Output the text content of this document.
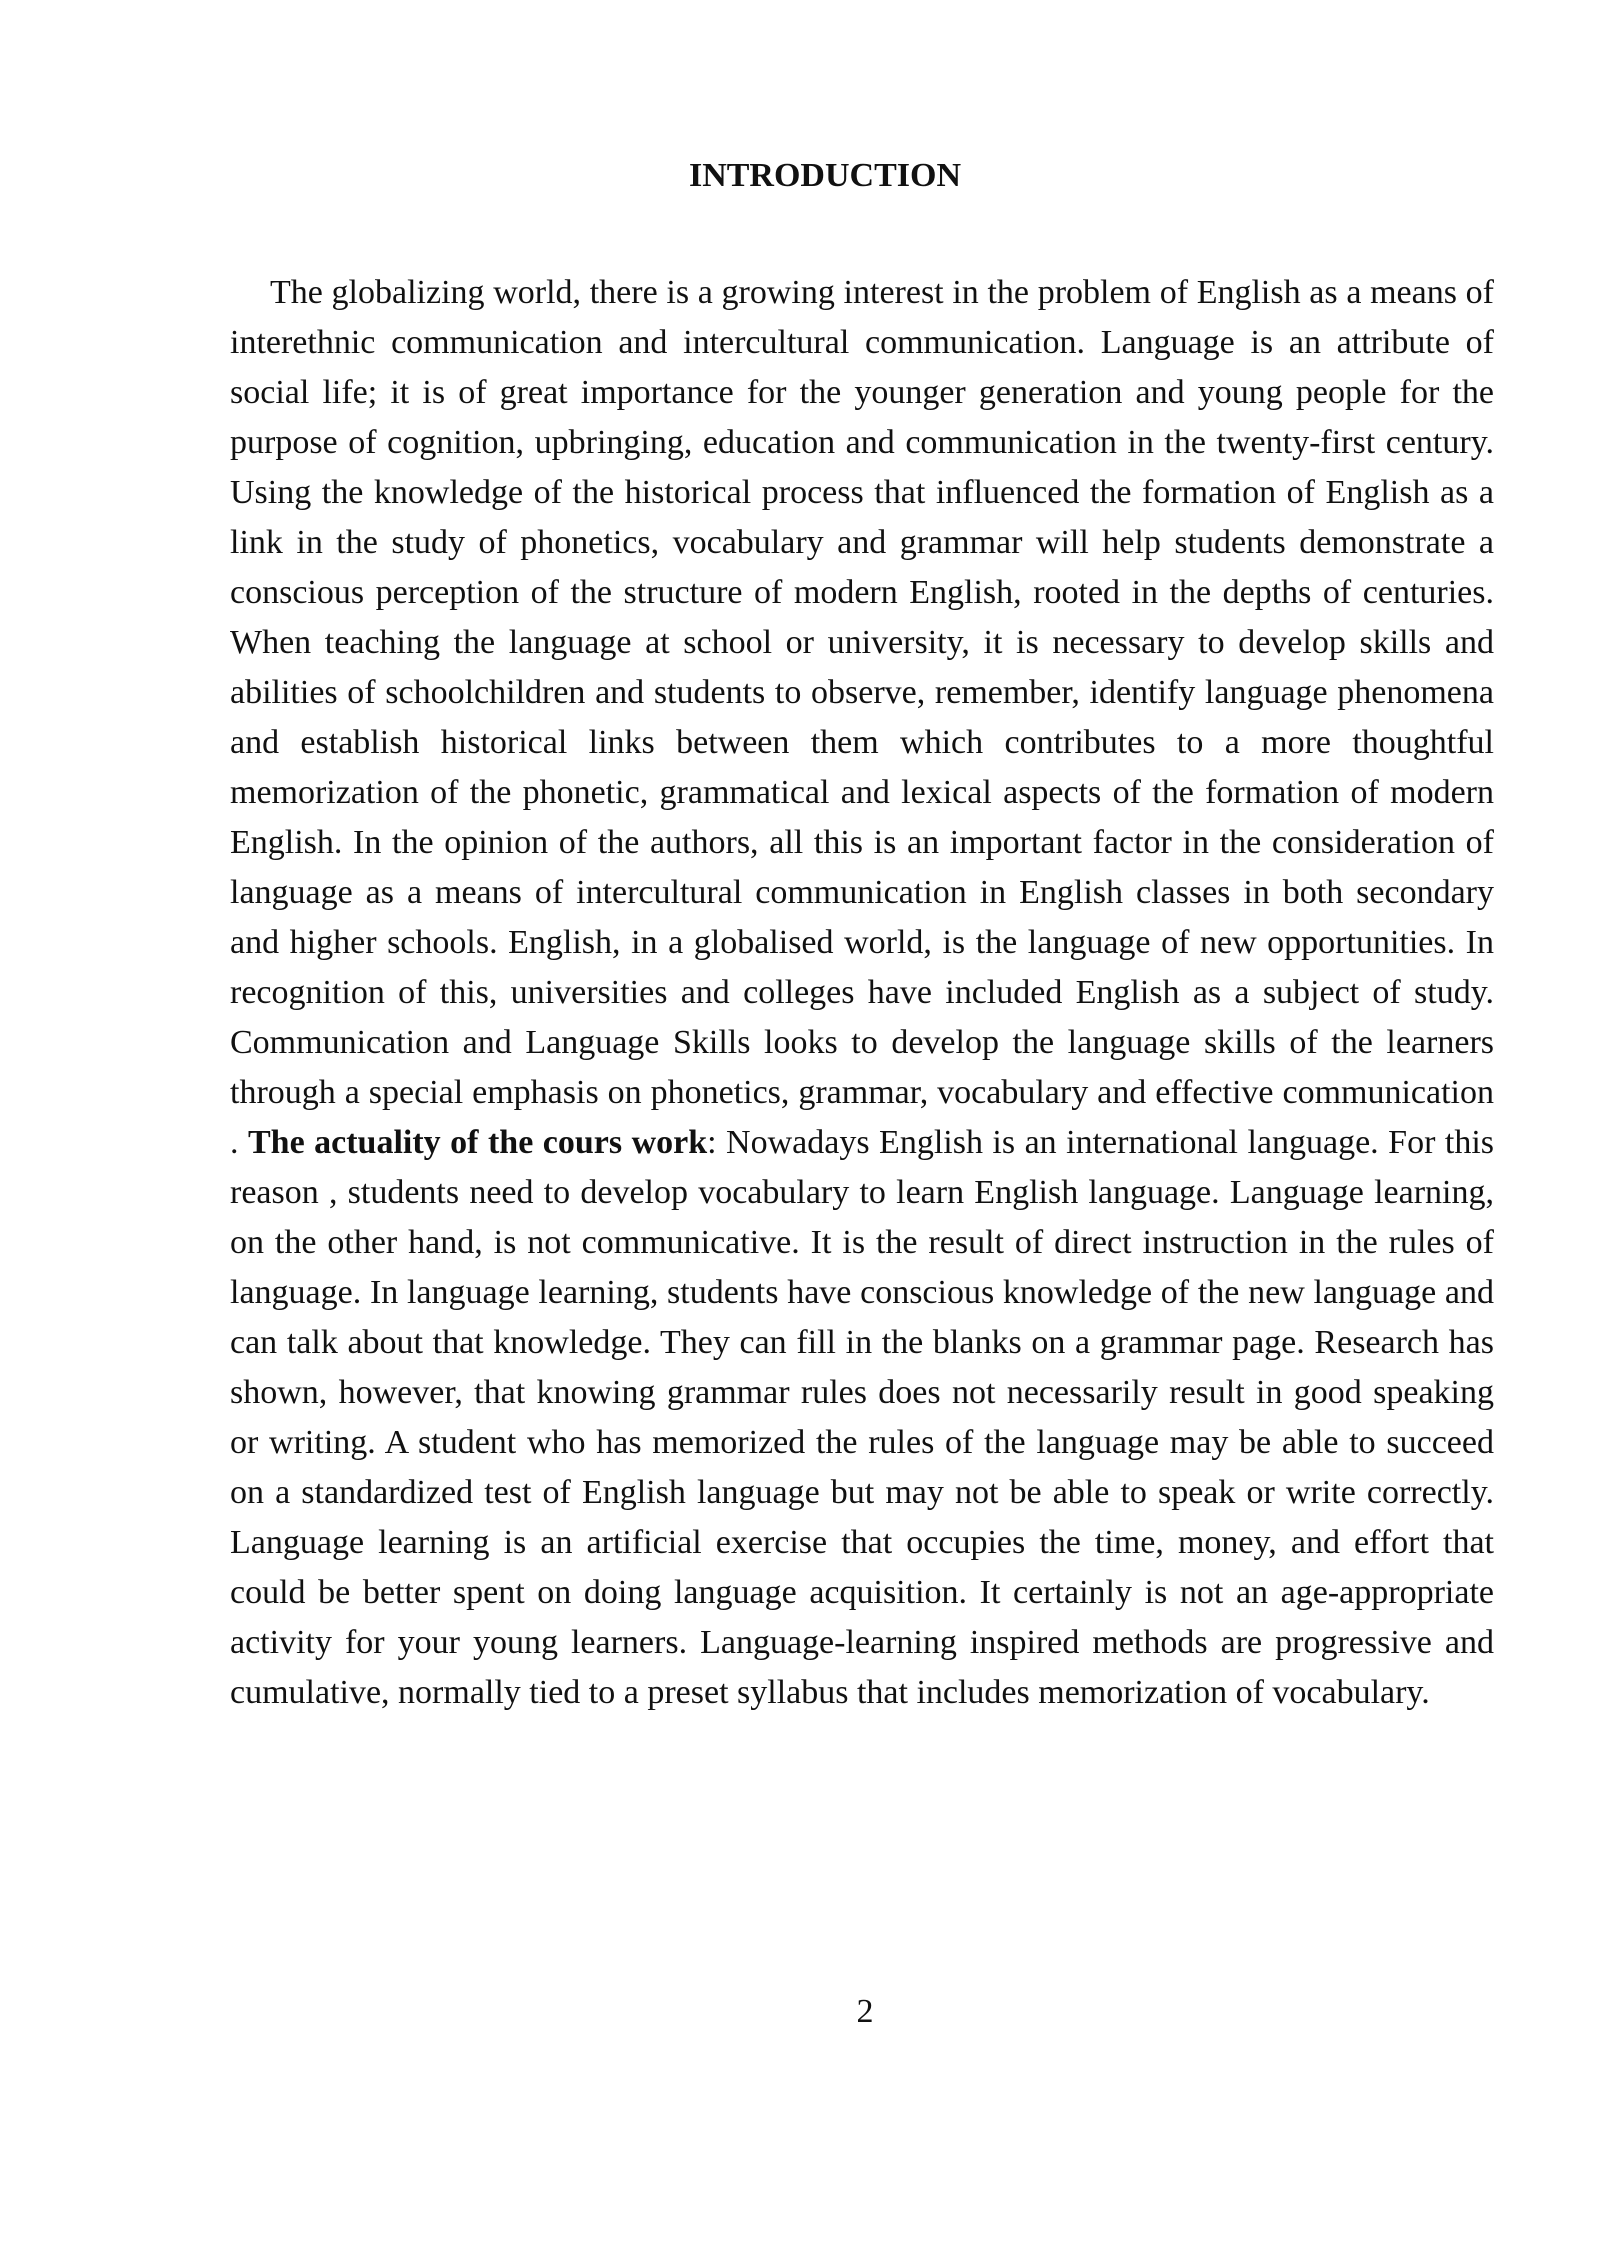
INTRODUCTION

The globalizing world, there is a growing interest in the problem of English as a means of interethnic communication and intercultural communication. Language is an attribute of social life; it is of great importance for the younger generation and young people for the purpose of cognition, upbringing, education and communication in the twenty-first century. Using the knowledge of the historical process that influenced the formation of English as a link in the study of phonetics, vocabulary and grammar will help students demonstrate a conscious perception of the structure of modern English, rooted in the depths of centuries. When teaching the language at school or university, it is necessary to develop skills and abilities of schoolchildren and students to observe, remember, identify language phenomena and establish historical links between them which contributes to a more thoughtful memorization of the phonetic, grammatical and lexical aspects of the formation of modern English. In the opinion of the authors, all this is an important factor in the consideration of language as a means of intercultural communication in English classes in both secondary and higher schools. English, in a globalised world, is the language of new opportunities. In recognition of this, universities and colleges have included English as a subject of study. Communication and Language Skills looks to develop the language skills of the learners through a special emphasis on phonetics, grammar, vocabulary and effective communication . The actuality of the cours work: Nowadays English is an international language. For this reason , students need to develop vocabulary to learn English language. Language learning, on the other hand, is not communicative. It is the result of direct instruction in the rules of language. In language learning, students have conscious knowledge of the new language and can talk about that knowledge. They can fill in the blanks on a grammar page. Research has shown, however, that knowing grammar rules does not necessarily result in good speaking or writing. A student who has memorized the rules of the language may be able to succeed on a standardized test of English language but may not be able to speak or write correctly. Language learning is an artificial exercise that occupies the time, money, and effort that could be better spent on doing language acquisition. It certainly is not an age-appropriate activity for your young learners. Language-learning inspired methods are progressive and cumulative, normally tied to a preset syllabus that includes memorization of vocabulary.

2
